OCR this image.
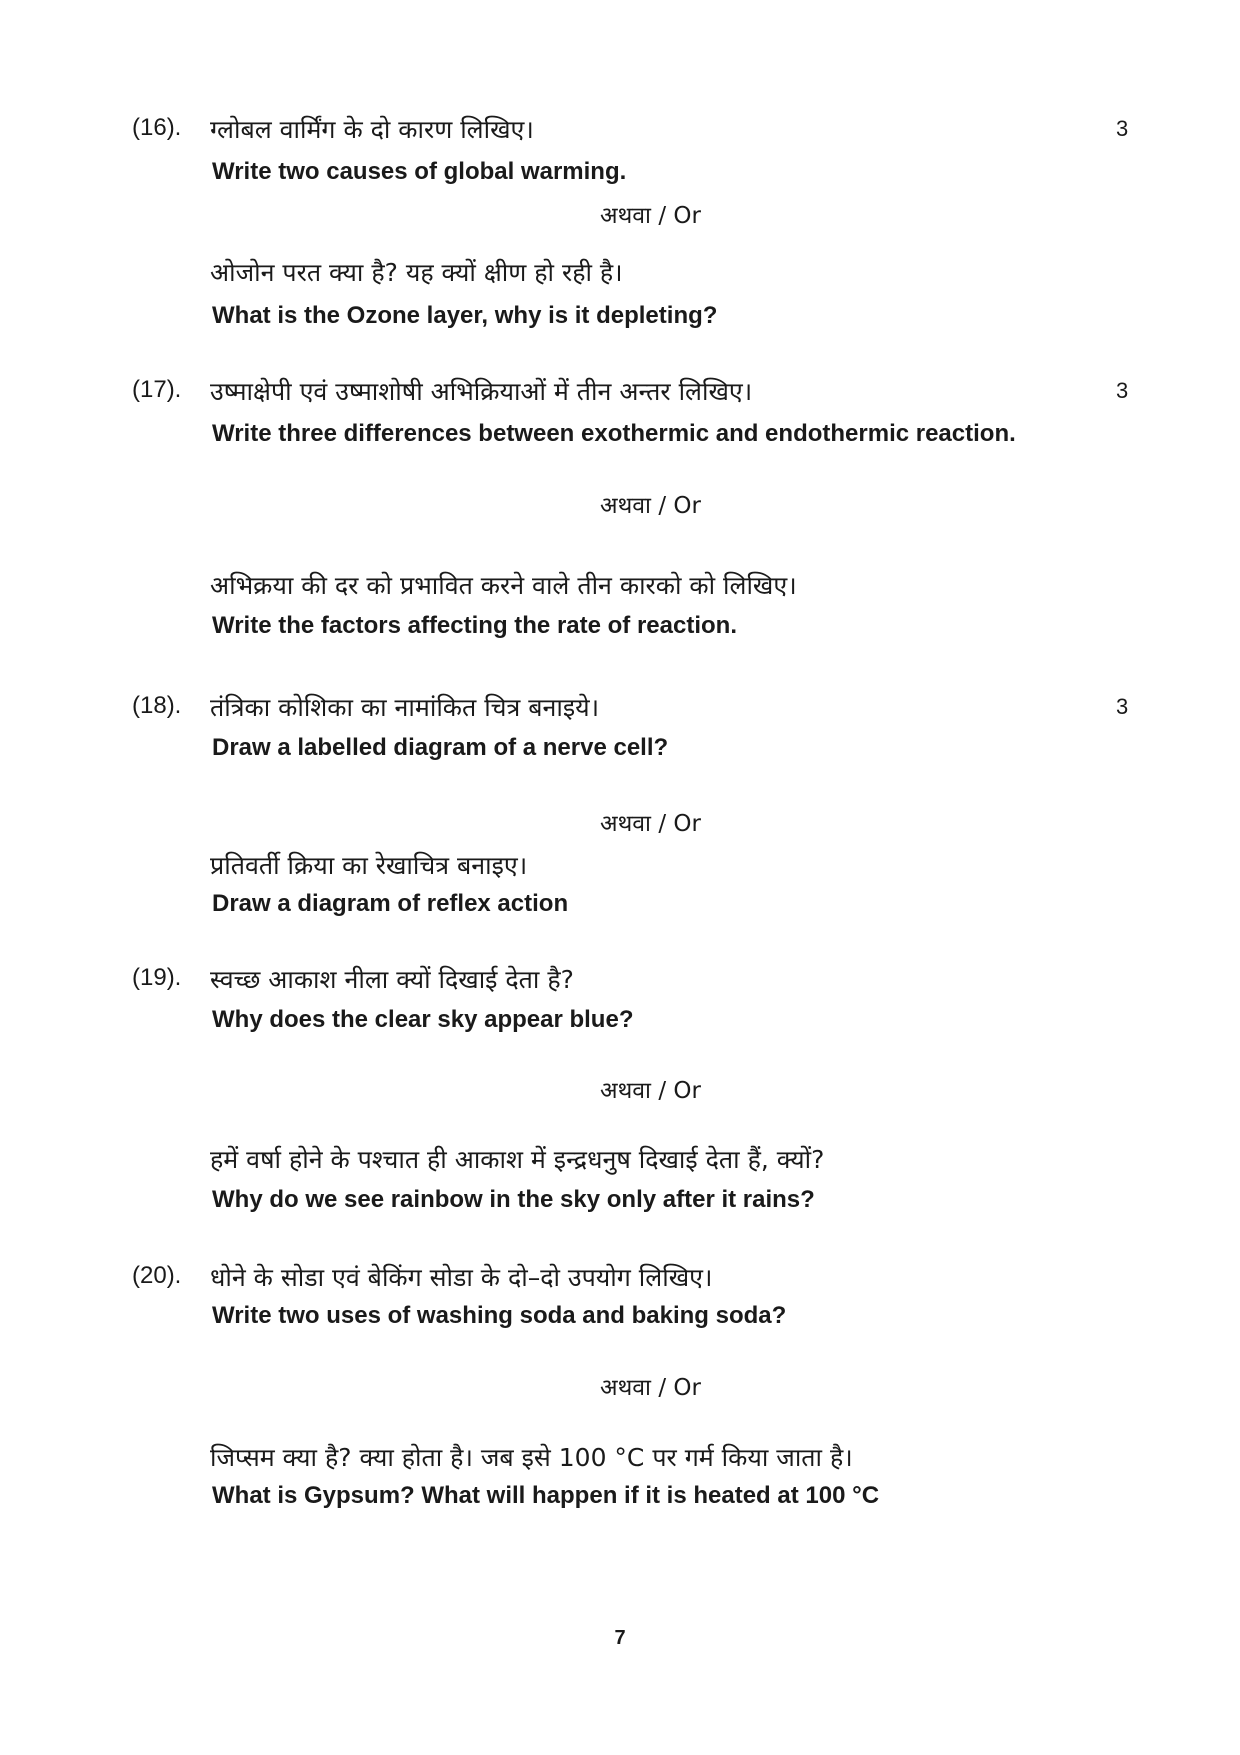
(16). ग्लोबल वार्मिंग के दो कारण लिखिए।	3
Write two causes of global warming.
अथवा / Or
ओजोन परत क्या है? यह क्यों क्षीण हो रही है।
What is the Ozone layer, why is it depleting?
(17). उष्माक्षेपी एवं उष्माशोषी अभिक्रियाओं में तीन अन्तर लिखिए।	3
Write three differences between exothermic and endothermic reaction.
अथवा / Or
अभिक्रया की दर को प्रभावित करने वाले तीन कारको को लिखिए।
Write the factors affecting the rate of reaction.
(18). तंत्रिका कोशिका का नामांकित चित्र बनाइये।	3
Draw a labelled diagram of a nerve cell?
अथवा / Or
प्रतिवर्ती क्रिया का रेखाचित्र बनाइए।
Draw a diagram of reflex action
(19). स्वच्छ आकाश नीला क्यों दिखाई देता है?
Why does the clear sky appear blue?
अथवा / Or
हमें वर्षा होने के पश्चात ही आकाश में इन्द्रधनुष दिखाई देता हैं, क्यों?
Why do we see rainbow in the sky only after it rains?
(20). धोने के सोडा एवं बेकिंग सोडा के दो–दो उपयोग लिखिए।
Write two uses of washing soda and baking soda?
अथवा / Or
जिप्सम क्या है? क्या होता है। जब इसे 100 °C पर गर्म किया जाता है।
What is Gypsum? What will happen if it is heated at 100 °C
7
